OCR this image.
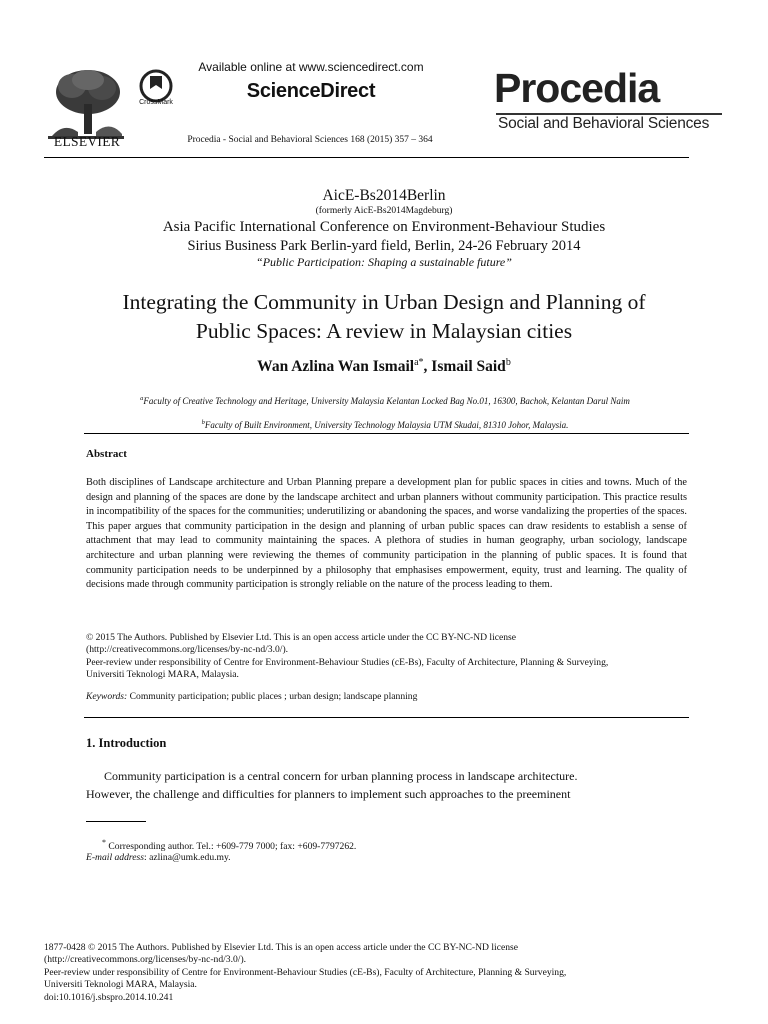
ELSEVIER
CrossMark
Available online at www.sciencedirect.com
ScienceDirect
Procedia - Social and Behavioral Sciences 168 (2015) 357 – 364
Procedia
Social and Behavioral Sciences
AicE-Bs2014Berlin
(formerly AicE-Bs2014Magdeburg)
Asia Pacific International Conference on Environment-Behaviour Studies
Sirius Business Park Berlin-yard field, Berlin, 24-26 February 2014
“Public Participation: Shaping a sustainable future”
Integrating the Community in Urban Design and Planning of
Public Spaces: A review in Malaysian cities
Wan Azlina Wan Ismail$^{a*}$, Ismail Said$^b$
$^a$Faculty of Creative Technology and Heritage, University Malaysia Kelantan Locked Bag No.01, 16300, Bachok, Kelantan Darul Naim
$^b$Faculty of Built Environment, University Technology Malaysia UTM Skudai, 81310 Johor, Malaysia.
Abstract
Both disciplines of Landscape architecture and Urban Planning prepare a development plan for public spaces in cities and towns. Much of the design and planning of the spaces are done by the landscape architect and urban planners without community participation. This practice results in incompatibility of the spaces for the communities; underutilizing or abandoning the spaces, and worse vandalizing the properties of the spaces. This paper argues that community participation in the design and planning of urban public spaces can draw residents to establish a sense of attachment that may lead to community maintaining the spaces. A plethora of studies in human geography, urban sociology, landscape architecture and urban planning were reviewing the themes of community participation in the planning of public spaces. It is found that community participation needs to be underpinned by a philosophy that emphasises empowerment, equity, trust and learning. The quality of decisions made through community participation is strongly reliable on the nature of the process leading to them.
© 2015 The Authors. Published by Elsevier Ltd. This is an open access article under the CC BY-NC-ND license
(http://creativecommons.org/licenses/by-nc-nd/3.0/).
Peer-review under responsibility of Centre for Environment-Behaviour Studies (cE-Bs), Faculty of Architecture, Planning & Surveying,
Universiti Teknologi MARA, Malaysia.
Keywords: Community participation; public places ; urban design; landscape planning
1. Introduction
Community participation is a central concern for urban planning process in landscape architecture.
However, the challenge and difficulties for planners to implement such approaches to the preeminent
* Corresponding author. Tel.: +609-779 7000; fax: +609-7797262.
E-mail address: azlina@umk.edu.my.
1877-0428 © 2015 The Authors. Published by Elsevier Ltd. This is an open access article under the CC BY-NC-ND license
(http://creativecommons.org/licenses/by-nc-nd/3.0/).
Peer-review under responsibility of Centre for Environment-Behaviour Studies (cE-Bs), Faculty of Architecture, Planning & Surveying,
Universiti Teknologi MARA, Malaysia.
doi:10.1016/j.sbspro.2014.10.241
